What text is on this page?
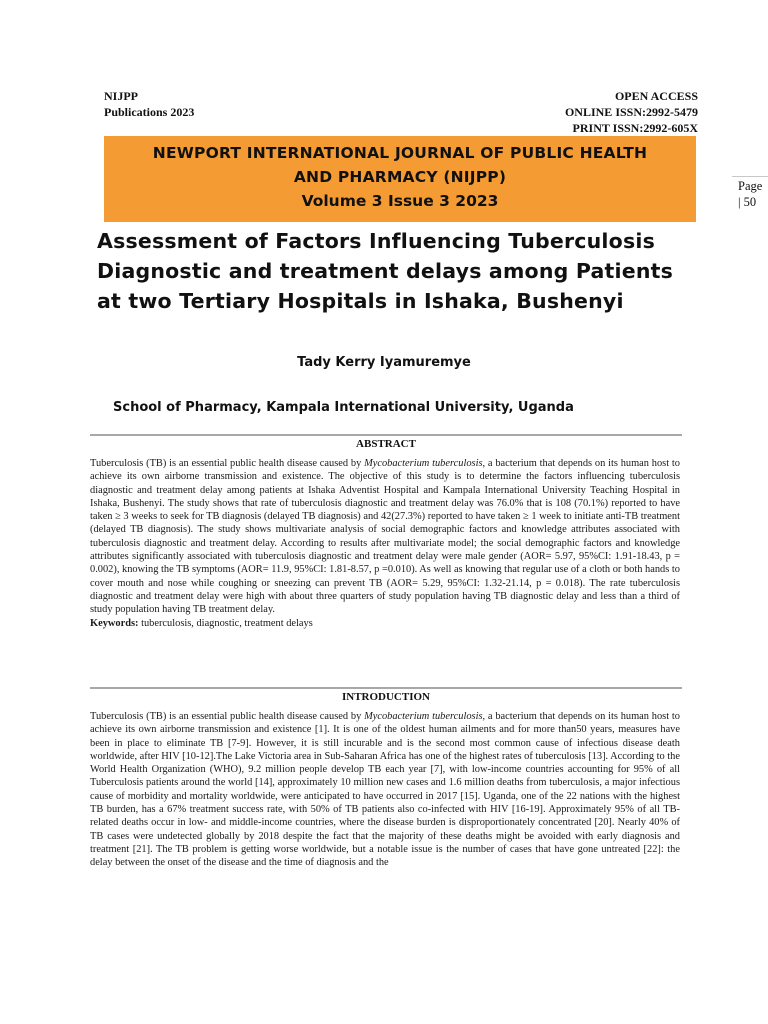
NIJPP
Publications 2023
OPEN ACCESS
ONLINE ISSN:2992-5479
PRINT ISSN:2992-605X
NEWPORT INTERNATIONAL JOURNAL OF PUBLIC HEALTH
AND PHARMACY (NIJPP)
Volume 3 Issue 3 2023
Page
| 50
Assessment of Factors Influencing Tuberculosis
Diagnostic and treatment delays among Patients
at two Tertiary Hospitals in Ishaka, Bushenyi
Tady Kerry Iyamuremye
School of Pharmacy, Kampala International University, Uganda
ABSTRACT

Tuberculosis (TB) is an essential public health disease caused by Mycobacterium tuberculosis, a bacterium that depends on its human host to achieve its own airborne transmission and existence. The objective of this study is to determine the factors influencing tuberculosis diagnostic and treatment delay among patients at Ishaka Adventist Hospital and Kampala International University Teaching Hospital in Ishaka, Bushenyi. The study shows that rate of tuberculosis diagnostic and treatment delay was 76.0% that is 108 (70.1%) reported to have taken ≥ 3 weeks to seek for TB diagnosis (delayed TB diagnosis) and 42(27.3%) reported to have taken ≥ 1 week to initiate anti-TB treatment (delayed TB diagnosis). The study shows multivariate analysis of social demographic factors and knowledge attributes associated with tuberculosis diagnostic and treatment delay. According to results after multivariate model; the social demographic factors and knowledge attributes significantly associated with tuberculosis diagnostic and treatment delay were male gender (AOR= 5.97, 95%CI: 1.91-18.43, p = 0.002), knowing the TB symptoms (AOR= 11.9, 95%CI: 1.81-8.57, p =0.010). As well as knowing that regular use of a cloth or both hands to cover mouth and nose while coughing or sneezing can prevent TB (AOR= 5.29, 95%CI: 1.32-21.14, p = 0.018). The rate tuberculosis diagnostic and treatment delay were high with about three quarters of study population having TB diagnostic delay and less than a third of study population having TB treatment delay.

Keywords: tuberculosis, diagnostic, treatment delays

INTRODUCTION

Tuberculosis (TB) is an essential public health disease caused by Mycobacterium tuberculosis, a bacterium that depends on its human host to achieve its own airborne transmission and existence [1]. It is one of the oldest human ailments and for more than50 years, measures have been in place to eliminate TB [7-9]. However, it is still incurable and is the second most common cause of infectious disease death worldwide, after HIV [10-12].The Lake Victoria area in Sub-Saharan Africa has one of the highest rates of tuberculosis [13]. According to the World Health Organization (WHO), 9.2 million people develop TB each year [7], with low-income countries accounting for 95% of all Tuberculosis patients around the world [14], approximately 10 million new cases and 1.6 million deaths from tuberculosis, a major infectious cause of morbidity and mortality worldwide, were anticipated to have occurred in 2017 [15]. Uganda, one of the 22 nations with the highest TB burden, has a 67% treatment success rate, with 50% of TB patients also co-infected with HIV [16-19]. Approximately 95% of all TB-related deaths occur in low- and middle-income countries, where the disease burden is disproportionately concentrated [20]. Nearly 40% of TB cases were undetected globally by 2018 despite the fact that the majority of these deaths might be avoided with early diagnosis and treatment [21]. The TB problem is getting worse worldwide, but a notable issue is the number of cases that have gone untreated [22]: the delay between the onset of the disease and the time of diagnosis and the
